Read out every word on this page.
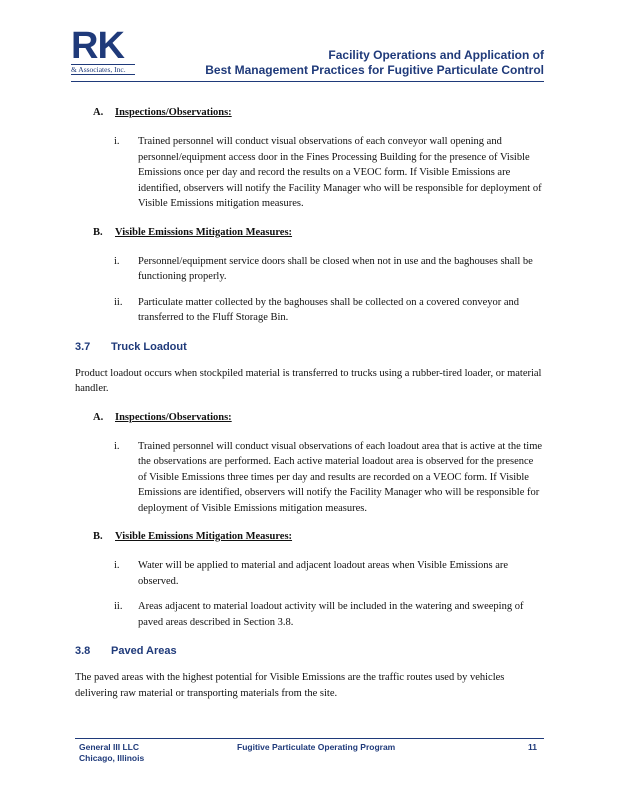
RK
& Associates, Inc.
Facility Operations and Application of
Best Management Practices for Fugitive Particulate Control
A.	Inspections/Observations:
i.	Trained personnel will conduct visual observations of each conveyor wall opening and personnel/equipment access door in the Fines Processing Building for the presence of Visible Emissions once per day and record the results on a VEOC form. If Visible Emissions are identified, observers will notify the Facility Manager who will be responsible for deployment of Visible Emissions mitigation measures.
B.	Visible Emissions Mitigation Measures:
i.	Personnel/equipment service doors shall be closed when not in use and the baghouses shall be functioning properly.
ii.	Particulate matter collected by the baghouses shall be collected on a covered conveyor and transferred to the Fluff Storage Bin.
3.7	Truck Loadout
Product loadout occurs when stockpiled material is transferred to trucks using a rubber-tired loader, or material handler.
A.	Inspections/Observations:
i.	Trained personnel will conduct visual observations of each loadout area that is active at the time the observations are performed. Each active material loadout area is observed for the presence of Visible Emissions three times per day and results are recorded on a VEOC form. If Visible Emissions are identified, observers will notify the Facility Manager who will be responsible for deployment of Visible Emissions mitigation measures.
B.	Visible Emissions Mitigation Measures:
i.	Water will be applied to material and adjacent loadout areas when Visible Emissions are observed.
ii.	Areas adjacent to material loadout activity will be included in the watering and sweeping of paved areas described in Section 3.8.
3.8	Paved Areas
The paved areas with the highest potential for Visible Emissions are the traffic routes used by vehicles delivering raw material or transporting materials from the site.
General III LLC
Chicago, Illinois
Fugitive Particulate Operating Program	11
